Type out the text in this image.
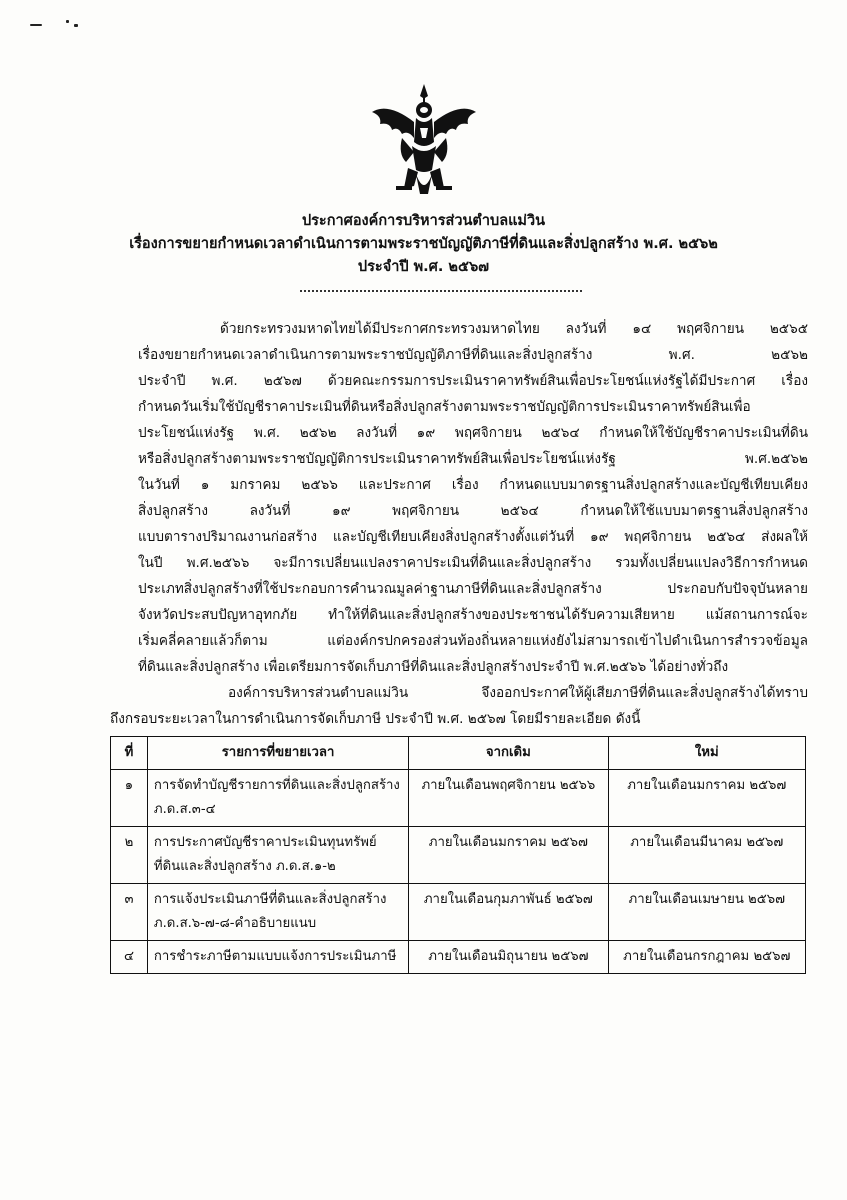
ประกาศองค์การบริหารส่วนตำบลแม่วิน
เรื่องการขยายกำหนดเวลาดำเนินการตามพระราชบัญญัติภาษีที่ดินและสิ่งปลูกสร้าง พ.ศ. ๒๕๖๒
ประจำปี พ.ศ. ๒๕๖๗
ด้วยกระทรวงมหาดไทยได้มีประกาศกระทรวงมหาดไทย ลงวันที่ ๑๔ พฤศจิกายน ๒๕๖๕
เรื่องขยายกำหนดเวลาดำเนินการตามพระราชบัญญัติภาษีที่ดินและสิ่งปลูกสร้าง พ.ศ. ๒๕๖๒
ประจำปี พ.ศ. ๒๕๖๗ ด้วยคณะกรรมการประเมินราคาทรัพย์สินเพื่อประโยชน์แห่งรัฐได้มีประกาศ เรื่อง
กำหนดวันเริ่มใช้บัญชีราคาประเมินที่ดินหรือสิ่งปลูกสร้างตามพระราชบัญญัติการประเมินราคาทรัพย์สินเพื่อ
ประโยชน์แห่งรัฐ พ.ศ. ๒๕๖๒ ลงวันที่ ๑๙ พฤศจิกายน ๒๕๖๔ กำหนดให้ใช้บัญชีราคาประเมินที่ดิน
หรือสิ่งปลูกสร้างตามพระราชบัญญัติการประเมินราคาทรัพย์สินเพื่อประโยชน์แห่งรัฐ พ.ศ.๒๕๖๒
ในวันที่ ๑ มกราคม ๒๕๖๖ และประกาศ เรื่อง กำหนดแบบมาตรฐานสิ่งปลูกสร้างและบัญชีเทียบเคียง
สิ่งปลูกสร้าง ลงวันที่ ๑๙ พฤศจิกายน ๒๕๖๔ กำหนดให้ใช้แบบมาตรฐานสิ่งปลูกสร้าง
แบบตารางปริมาณงานก่อสร้าง และบัญชีเทียบเคียงสิ่งปลูกสร้างตั้งแต่วันที่ ๑๙ พฤศจิกายน ๒๕๖๔ ส่งผลให้
ในปี พ.ศ.๒๕๖๖ จะมีการเปลี่ยนแปลงราคาประเมินที่ดินและสิ่งปลูกสร้าง รวมทั้งเปลี่ยนแปลงวิธีการกำหนด
ประเภทสิ่งปลูกสร้างที่ใช้ประกอบการคำนวณมูลค่าฐานภาษีที่ดินและสิ่งปลูกสร้าง ประกอบกับปัจจุบันหลาย
จังหวัดประสบปัญหาอุทกภัย ทำให้ที่ดินและสิ่งปลูกสร้างของประชาชนได้รับความเสียหาย แม้สถานการณ์จะ
เริ่มคลี่คลายแล้วก็ตาม แต่องค์กรปกครองส่วนท้องถิ่นหลายแห่งยังไม่สามารถเข้าไปดำเนินการสำรวจข้อมูล
ที่ดินและสิ่งปลูกสร้าง เพื่อเตรียมการจัดเก็บภาษีที่ดินและสิ่งปลูกสร้างประจำปี พ.ศ.๒๕๖๖ ได้อย่างทั่วถึง
องค์การบริหารส่วนตำบลแม่วิน จึงออกประกาศให้ผู้เสียภาษีที่ดินและสิ่งปลูกสร้างได้ทราบ
ถึงกรอบระยะเวลาในการดำเนินการจัดเก็บภาษี ประจำปี พ.ศ. ๒๕๖๗ โดยมีรายละเอียด ดังนี้
ที่	รายการที่ขยายเวลา	จากเดิม	ใหม่
๑	การจัดทำบัญชีรายการที่ดินและสิ่งปลูกสร้าง ภ.ด.ส.๓-๔	ภายในเดือนพฤศจิกายน ๒๕๖๖	ภายในเดือนมกราคม ๒๕๖๗
๒	การประกาศบัญชีราคาประเมินทุนทรัพย์ที่ดินและสิ่งปลูกสร้าง ภ.ด.ส.๑-๒	ภายในเดือนมกราคม ๒๕๖๗	ภายในเดือนมีนาคม ๒๕๖๗
๓	การแจ้งประเมินภาษีที่ดินและสิ่งปลูกสร้าง ภ.ด.ส.๖-๗-๘-คำอธิบายแนบ	ภายในเดือนกุมภาพันธ์ ๒๕๖๗	ภายในเดือนเมษายน ๒๕๖๗
๔	การชำระภาษีตามแบบแจ้งการประเมินภาษี	ภายในเดือนมิถุนายน ๒๕๖๗	ภายในเดือนกรกฎาคม ๒๕๖๗
